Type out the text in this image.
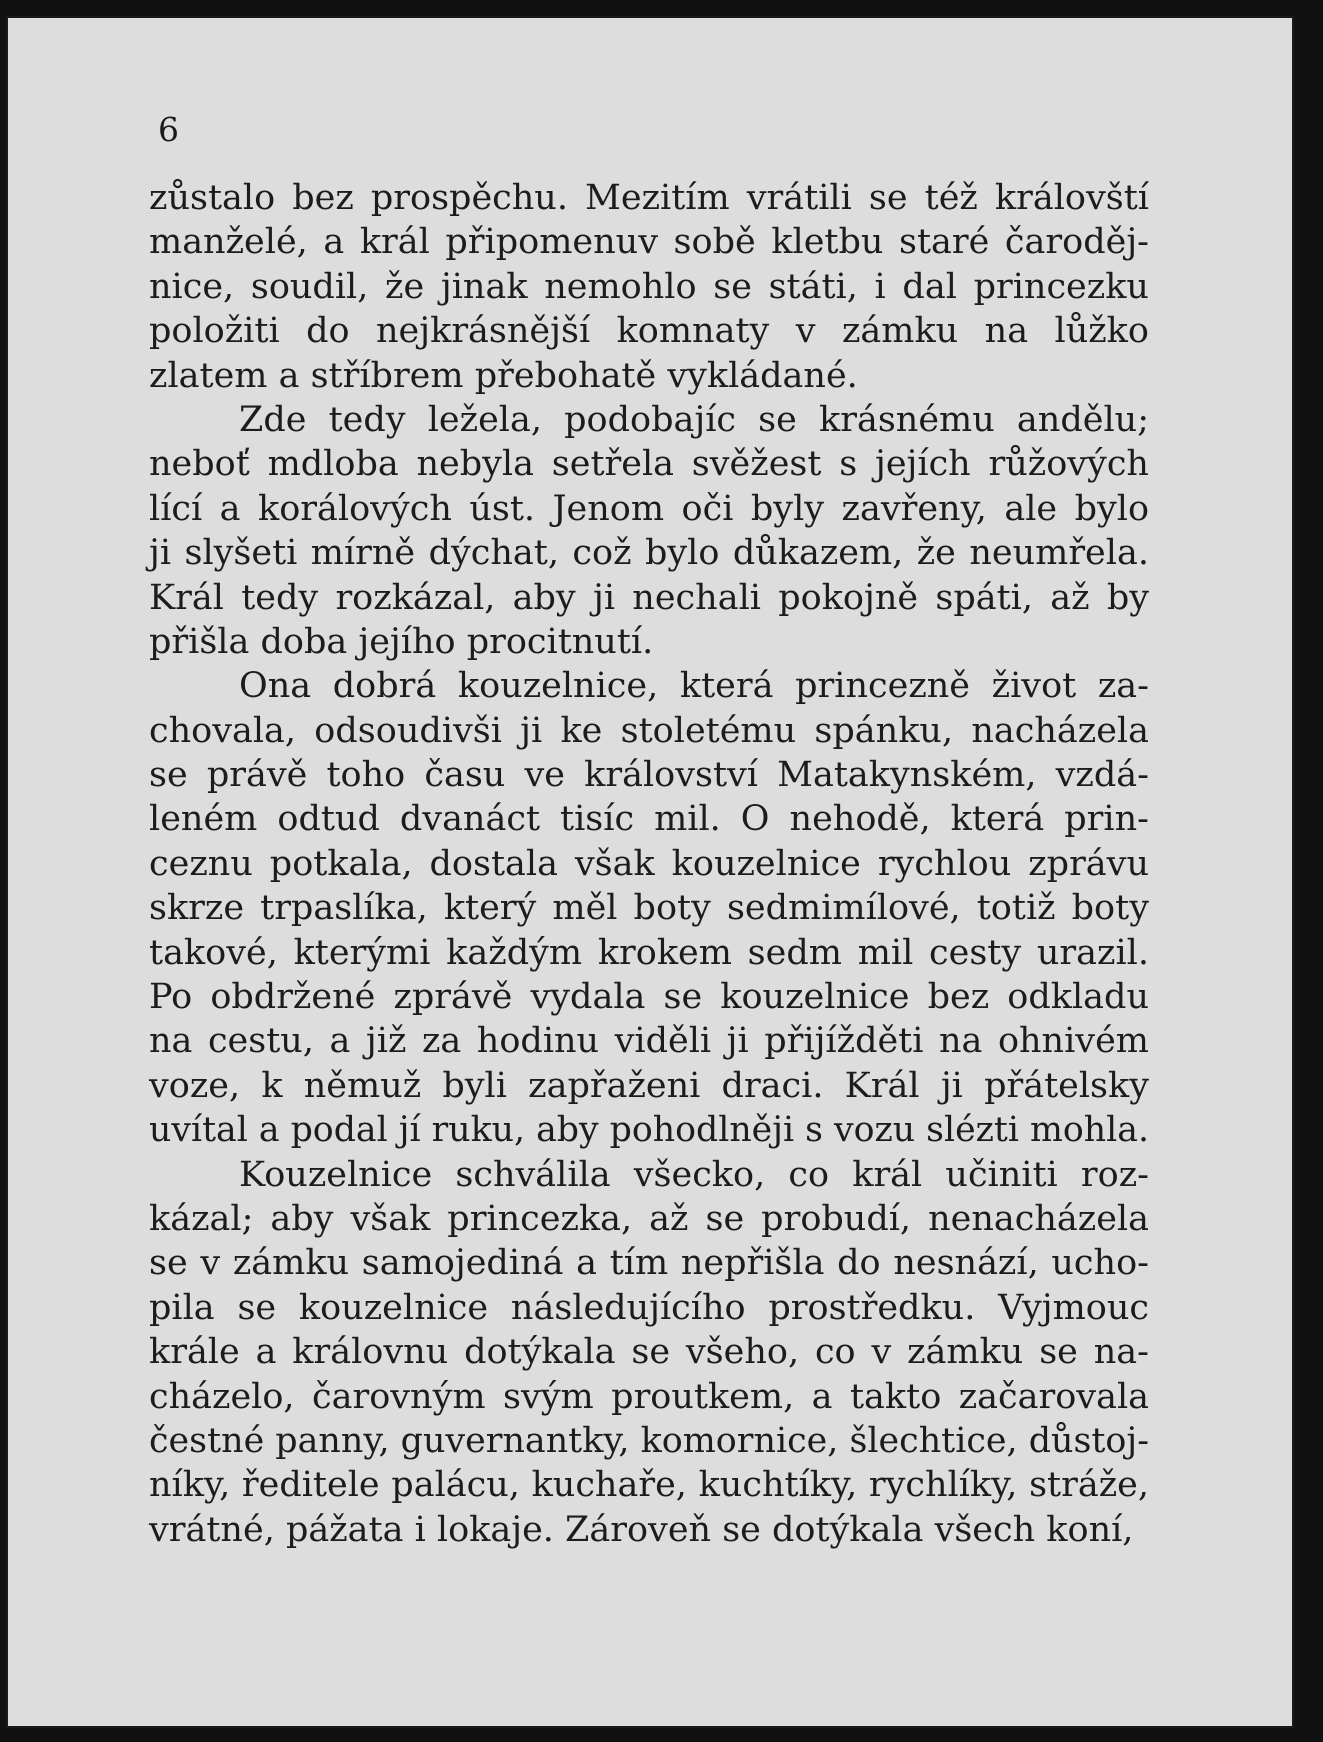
6
zůstalo bez prospěchu. Mezitím vrátili se též královští
manželé, a král připomenuv sobě kletbu staré čaroděj-
nice, soudil, že jinak nemohlo se státi, i dal princezku
položiti do nejkrásnější komnaty v zámku na lůžko
zlatem a stříbrem přebohatě vykládané.
Zde tedy ležela, podobajíc se krásnému andělu;
neboť mdloba nebyla setřela svěžest s jejích růžových
lící a korálových úst. Jenom oči byly zavřeny, ale bylo
ji slyšeti mírně dýchat, což bylo důkazem, že neumřela.
Král tedy rozkázal, aby ji nechali pokojně spáti, až by
přišla doba jejího procitnutí.
Ona dobrá kouzelnice, která princezně život za-
chovala, odsoudivši ji ke stoletému spánku, nacházela
se právě toho času ve království Matakynském, vzdá-
leném odtud dvanáct tisíc mil. O nehodě, která prin-
ceznu potkala, dostala však kouzelnice rychlou zprávu
skrze trpaslíka, který měl boty sedmimílové, totiž boty
takové, kterými každým krokem sedm mil cesty urazil.
Po obdržené zprávě vydala se kouzelnice bez odkladu
na cestu, a již za hodinu viděli ji přijížděti na ohnivém
voze, k němuž byli zapřaženi draci. Král ji přátelsky
uvítal a podal jí ruku, aby pohodlněji s vozu slézti mohla.
Kouzelnice schválila všecko, co král učiniti roz-
kázal; aby však princezka, až se probudí, nenacházela
se v zámku samojediná a tím nepřišla do nesnází, ucho-
pila se kouzelnice následujícího prostředku. Vyjmouc
krále a královnu dotýkala se všeho, co v zámku se na-
cházelo, čarovným svým proutkem, a takto začarovala
čestné panny, guvernantky, komornice, šlechtice, důstoj-
níky, ředitele palácu, kuchaře, kuchtíky, rychlíky, stráže,
vrátné, pážata i lokaje. Zároveň se dotýkala všech koní,
